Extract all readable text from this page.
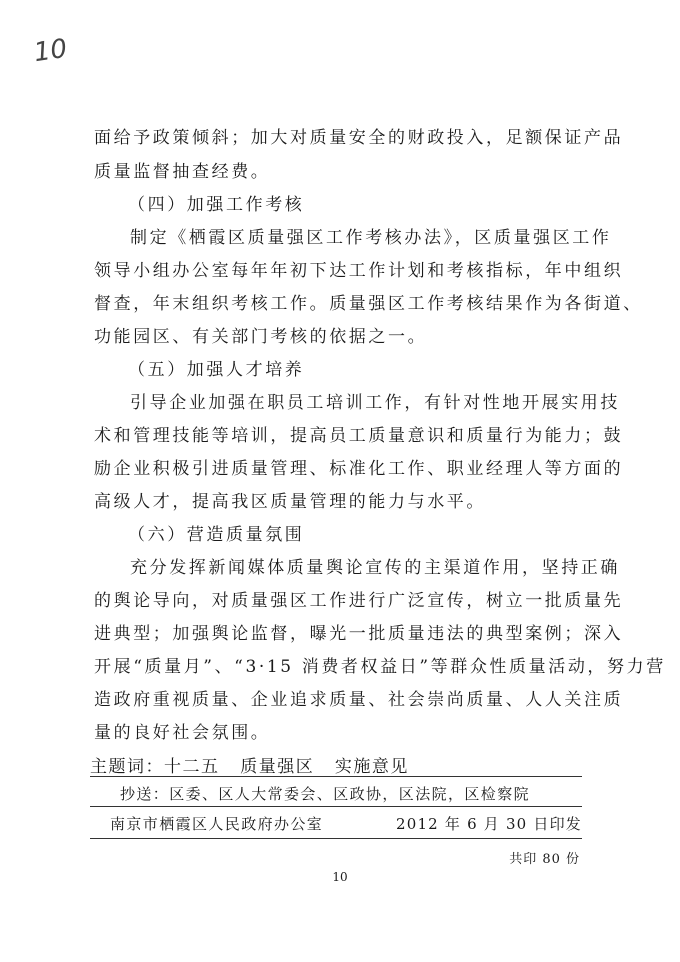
10
面给予政策倾斜；加大对质量安全的财政投入，足额保证产品
质量监督抽查经费。
（四）加强工作考核
制定《栖霞区质量强区工作考核办法》，区质量强区工作
领导小组办公室每年年初下达工作计划和考核指标，年中组织
督查，年末组织考核工作。质量强区工作考核结果作为各街道、
功能园区、有关部门考核的依据之一。
（五）加强人才培养
引导企业加强在职员工培训工作，有针对性地开展实用技
术和管理技能等培训，提高员工质量意识和质量行为能力；鼓
励企业积极引进质量管理、标准化工作、职业经理人等方面的
高级人才，提高我区质量管理的能力与水平。
（六）营造质量氛围
充分发挥新闻媒体质量舆论宣传的主渠道作用，坚持正确
的舆论导向，对质量强区工作进行广泛宣传，树立一批质量先
进典型；加强舆论监督，曝光一批质量违法的典型案例；深入
开展“质量月”、“3·15 消费者权益日”等群众性质量活动，努力营
造政府重视质量、企业追求质量、社会崇尚质量、人人关注质
量的良好社会氛围。
主题词：十二五   质量强区   实施意见
抄送：区委、区人大常委会、区政协，区法院，区检察院
南京市栖霞区人民政府办公室	2012 年 6 月 30 日印发
共印 80 份
10
